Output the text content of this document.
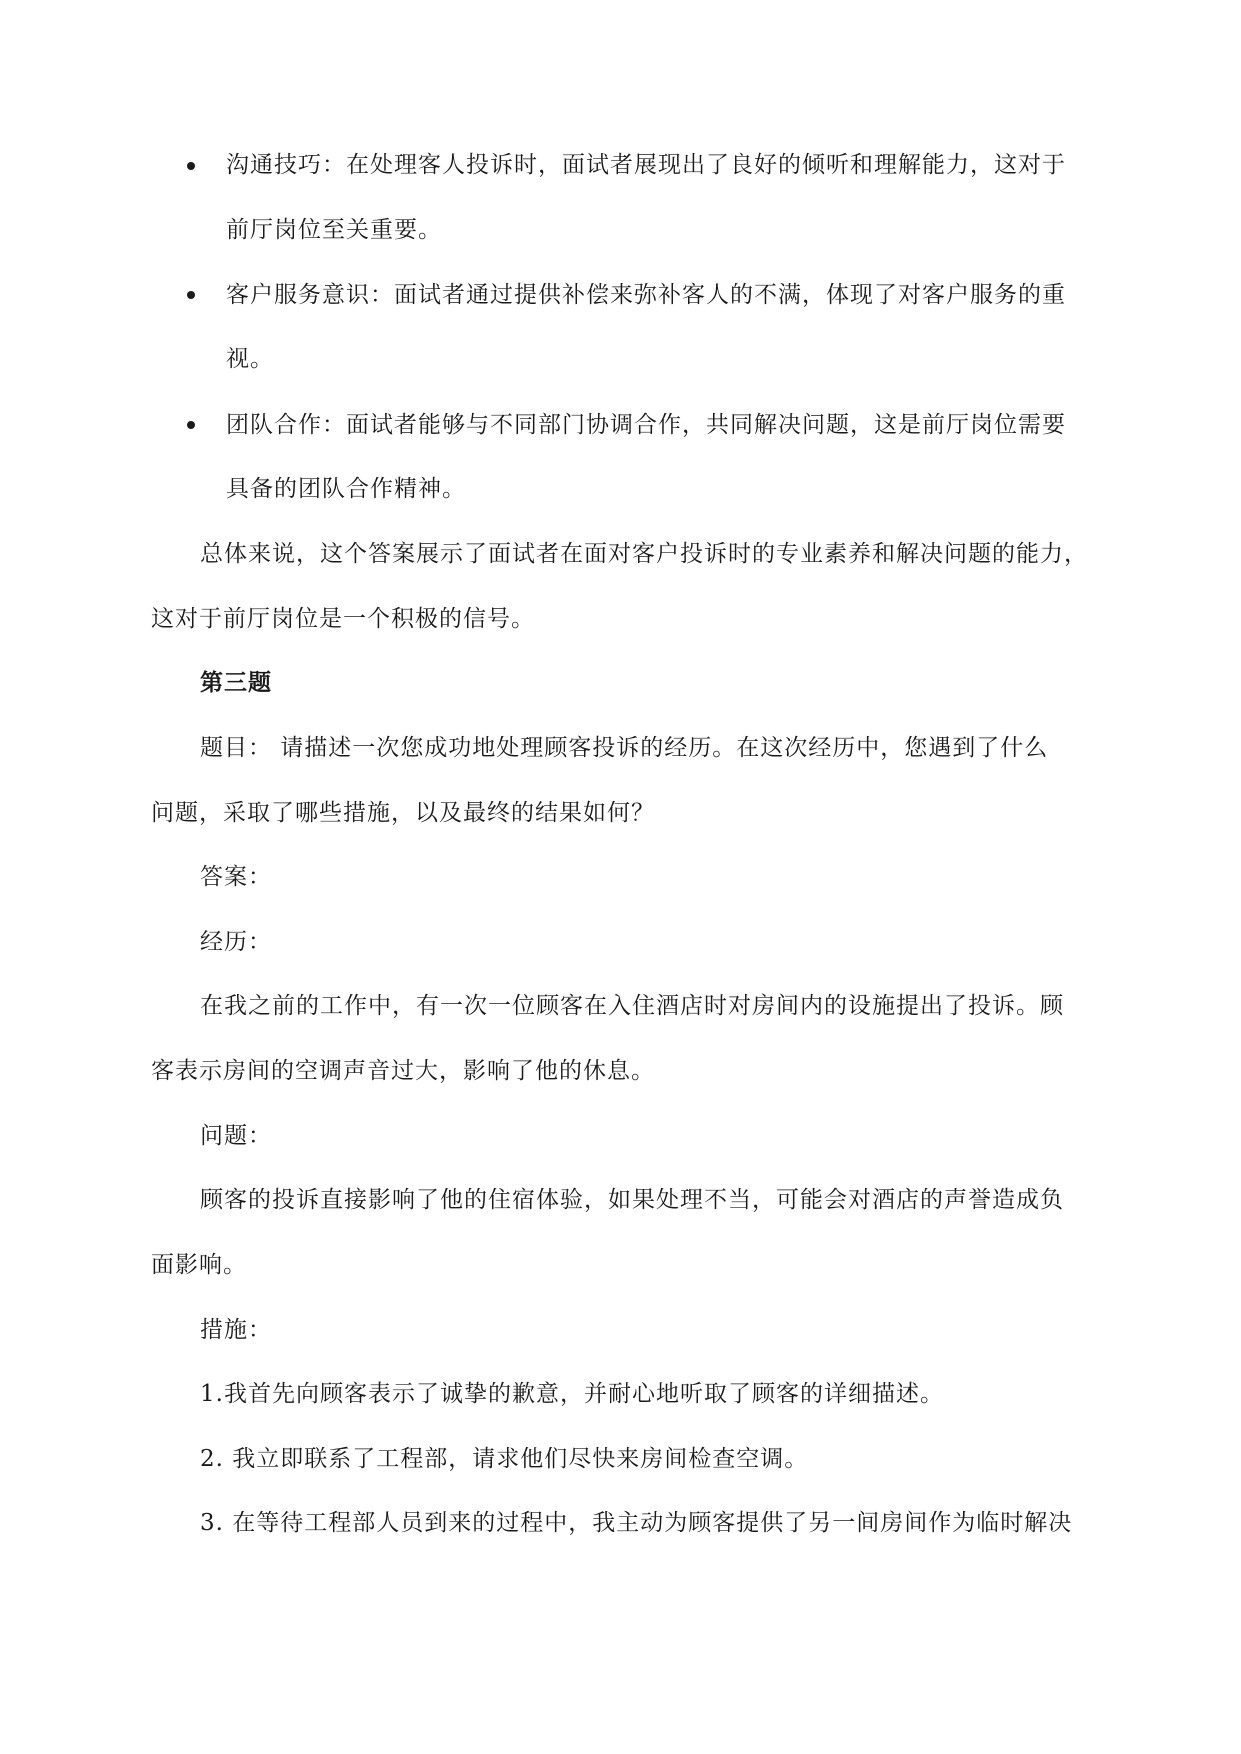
沟通技巧：在处理客人投诉时，面试者展现出了良好的倾听和理解能力，这对于
前厅岗位至关重要。
客户服务意识：面试者通过提供补偿来弥补客人的不满，体现了对客户服务的重
视。
团队合作：面试者能够与不同部门协调合作，共同解决问题，这是前厅岗位需要
具备的团队合作精神。
总体来说，这个答案展示了面试者在面对客户投诉时的专业素养和解决问题的能力，
这对于前厅岗位是一个积极的信号。
第三题
题目： 请描述一次您成功地处理顾客投诉的经历。在这次经历中，您遇到了什么
问题，采取了哪些措施，以及最终的结果如何？
答案：
经历：
在我之前的工作中，有一次一位顾客在入住酒店时对房间内的设施提出了投诉。顾
客表示房间的空调声音过大，影响了他的休息。
问题：
顾客的投诉直接影响了他的住宿体验，如果处理不当，可能会对酒店的声誉造成负
面影响。
措施：
1.我首先向顾客表示了诚挚的歉意，并耐心地听取了顾客的详细描述。
2. 我立即联系了工程部，请求他们尽快来房间检查空调。
3. 在等待工程部人员到来的过程中，我主动为顾客提供了另一间房间作为临时解决
